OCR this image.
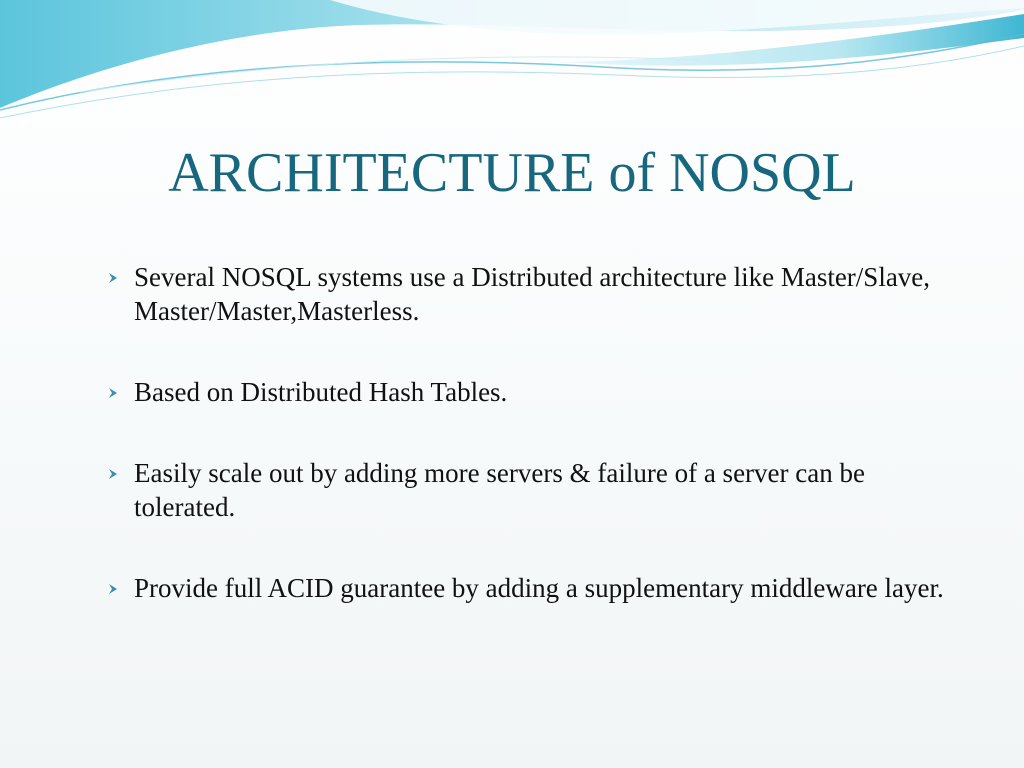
ARCHITECTURE of NOSQL
Several NOSQL systems use a Distributed architecture like Master/Slave, Master/Master,Masterless.
Based on Distributed Hash Tables.
Easily scale out by adding more servers & failure of a server can be tolerated.
Provide full ACID guarantee by adding a supplementary middleware layer.
